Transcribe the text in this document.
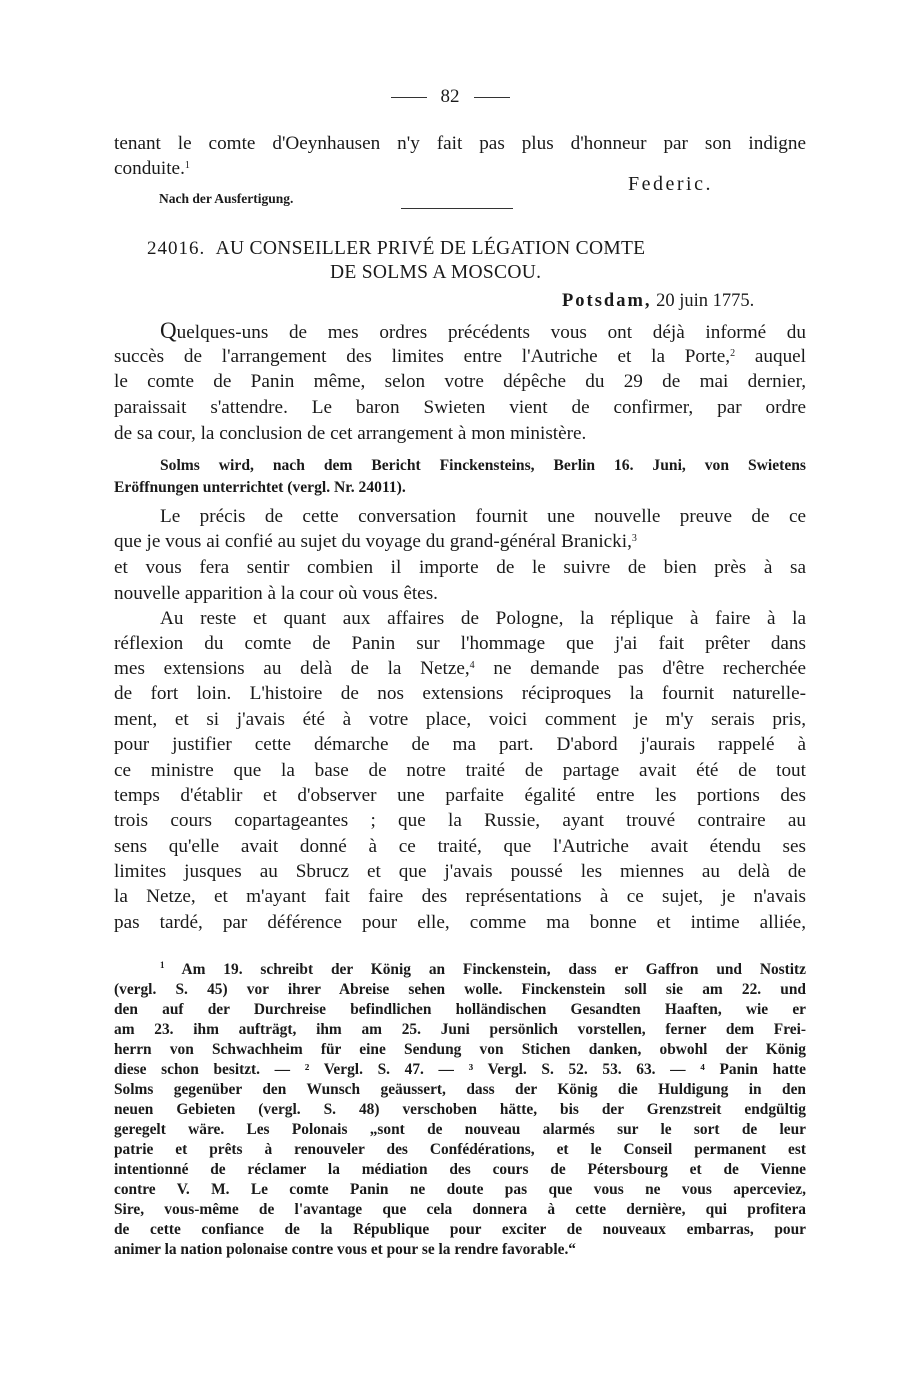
82
tenant le comte d'Oeynhausen n'y fait pas plus d'honneur par son indigne
conduite.$^1$
Federic.
Nach der Ausfertigung.
24016. AU CONSEILLER PRIVÉ DE LÉGATION COMTE
DE SOLMS A MOSCOU.
Potsdam, 20 juin 1775.
Quelques-uns de mes ordres précédents vous ont déjà informé du
succès de l'arrangement des limites entre l'Autriche et la Porte,$^2$ auquel
le comte de Panin même, selon votre dépêche du 29 de mai dernier,
paraissait s'attendre. Le baron Swieten vient de confirmer, par ordre
de sa cour, la conclusion de cet arrangement à mon ministère.
Solms wird, nach dem Bericht Finckensteins, Berlin 16. Juni, von Swietens
Eröffnungen unterrichtet (vergl. Nr. 24011).
Le précis de cette conversation fournit une nouvelle preuve de ce
que je vous ai confié au sujet du voyage du grand-général Branicki,$^3$
et vous fera sentir combien il importe de le suivre de bien près à sa
nouvelle apparition à la cour où vous êtes.
Au reste et quant aux affaires de Pologne, la réplique à faire à la
réflexion du comte de Panin sur l'hommage que j'ai fait prêter dans
mes extensions au delà de la Netze,$^4$ ne demande pas d'être recherchée
de fort loin. L'histoire de nos extensions réciproques la fournit naturelle-
ment, et si j'avais été à votre place, voici comment je m'y serais pris,
pour justifier cette démarche de ma part. D'abord j'aurais rappelé à
ce ministre que la base de notre traité de partage avait été de tout
temps d'établir et d'observer une parfaite égalité entre les portions des
trois cours copartageantes ; que la Russie, ayant trouvé contraire au
sens qu'elle avait donné à ce traité, que l'Autriche avait étendu ses
limites jusques au Sbrucz et que j'avais poussé les miennes au delà de
la Netze, et m'ayant fait faire des représentations à ce sujet, je n'avais
pas tardé, par déférence pour elle, comme ma bonne et intime alliée,
$^1$ Am 19. schreibt der König an Finckenstein, dass er Gaffron und Nostitz
(vergl. S. 45) vor ihrer Abreise sehen wolle. Finckenstein soll sie am 22. und
den auf der Durchreise befindlichen holländischen Gesandten Haaften, wie er
am 23. ihm aufträgt, ihm am 25. Juni persönlich vorstellen, ferner dem Frei-
herrn von Schwachheim für eine Sendung von Stichen danken, obwohl der König
diese schon besitzt. — ² Vergl. S. 47. — ³ Vergl. S. 52. 53. 63. — ⁴ Panin hatte
Solms gegenüber den Wunsch geäussert, dass der König die Huldigung in den
neuen Gebieten (vergl. S. 48) verschoben hätte, bis der Grenzstreit endgültig
geregelt wäre. Les Polonais „sont de nouveau alarmés sur le sort de leur
patrie et prêts à renouveler des Confédérations, et le Conseil permanent est
intentionné de réclamer la médiation des cours de Pétersbourg et de Vienne
contre V. M. Le comte Panin ne doute pas que vous ne vous aperceviez,
Sire, vous-même de l'avantage que cela donnera à cette dernière, qui profitera
de cette confiance de la République pour exciter de nouveaux embarras, pour
animer la nation polonaise contre vous et pour se la rendre favorable.“
